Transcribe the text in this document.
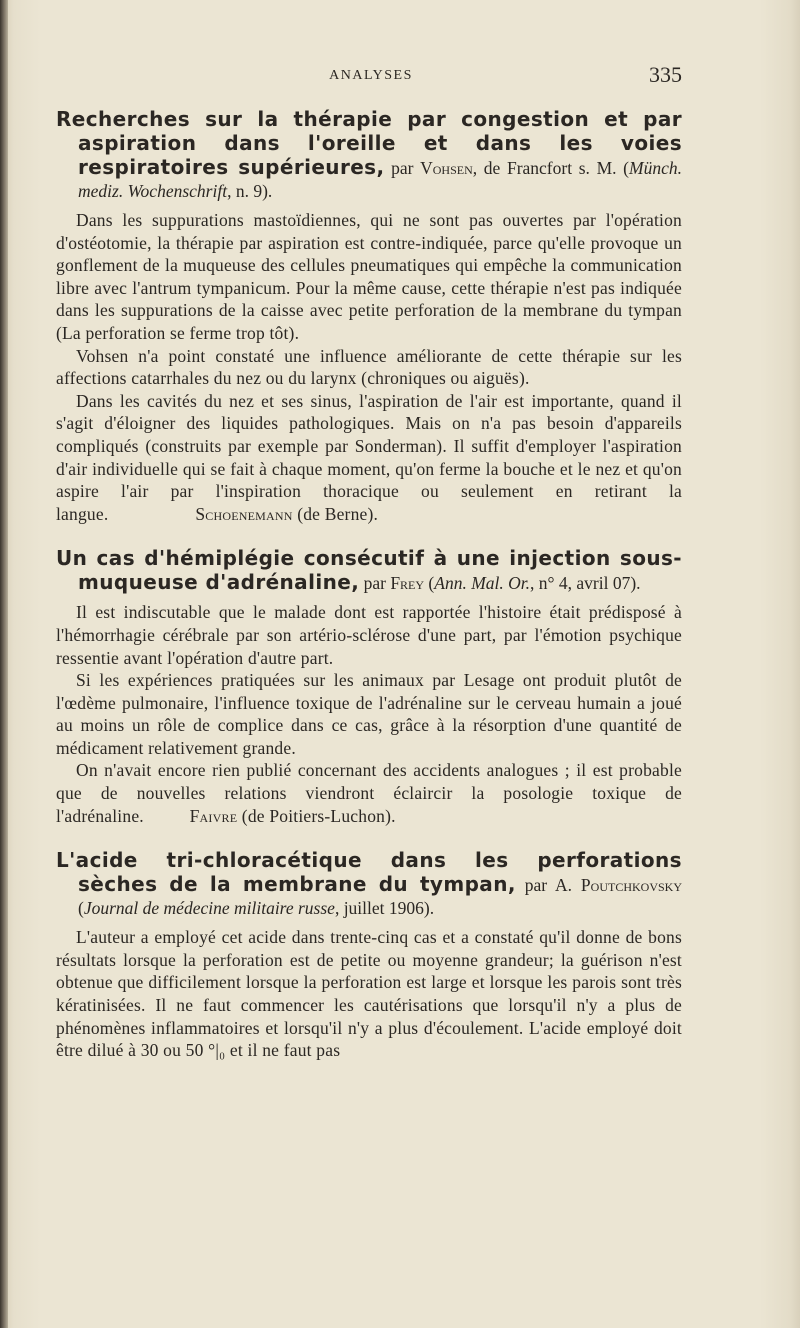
ANALYSES	335

Recherches sur la thérapie par congestion et par aspiration dans l'oreille et dans les voies respiratoires supérieures, par Vohsen, de Francfort s. M. (Münch. mediz. Wochenschrift, n. 9).

Dans les suppurations mastoïdiennes, qui ne sont pas ouvertes par l'opération d'ostéotomie, la thérapie par aspiration est contre-indiquée, parce qu'elle provoque un gonflement de la muqueuse des cellules pneumatiques qui empêche la communication libre avec l'antrum tympanicum. Pour la même cause, cette thérapie n'est pas indiquée dans les suppurations de la caisse avec petite perforation de la membrane du tympan (La perforation se ferme trop tôt).

Vohsen n'a point constaté une influence améliorante de cette thérapie sur les affections catarrhales du nez ou du larynx (chroniques ou aiguës).

Dans les cavités du nez et ses sinus, l'aspiration de l'air est importante, quand il s'agit d'éloigner des liquides pathologiques. Mais on n'a pas besoin d'appareils compliqués (construits par exemple par Sonderman). Il suffit d'employer l'aspiration d'air individuelle qui se fait à chaque moment, qu'on ferme la bouche et le nez et qu'on aspire l'air par l'inspiration thoracique ou seulement en retirant la langue.	Schoenemann (de Berne).

Un cas d'hémiplégie consécutif à une injection sous-muqueuse d'adrénaline, par Frey (Ann. Mal. Or., n° 4, avril 07).

Il est indiscutable que le malade dont est rapportée l'histoire était prédisposé à l'hémorrhagie cérébrale par son artério-sclérose d'une part, par l'émotion psychique ressentie avant l'opération d'autre part.

Si les expériences pratiquées sur les animaux par Lesage ont produit plutôt de l'œdème pulmonaire, l'influence toxique de l'adrénaline sur le cerveau humain a joué au moins un rôle de complice dans ce cas, grâce à la résorption d'une quantité de médicament relativement grande.

On n'avait encore rien publié concernant des accidents analogues ; il est probable que de nouvelles relations viendront éclaircir la posologie toxique de l'adrénaline.	Faivre (de Poitiers-Luchon).

L'acide tri-chloracétique dans les perforations sèches de la membrane du tympan, par A. Poutchkovsky (Journal de médecine militaire russe, juillet 1906).

L'auteur a employé cet acide dans trente-cinq cas et a constaté qu'il donne de bons résultats lorsque la perforation est de petite ou moyenne grandeur; la guérison n'est obtenue que difficilement lorsque la perforation est large et lorsque les parois sont très kératinisées. Il ne faut commencer les cautérisations que lorsqu'il n'y a plus de phénomènes inflammatoires et lorsqu'il n'y a plus d'écoulement. L'acide employé doit être dilué à 30 ou 50 °|₀ et il ne faut pas
